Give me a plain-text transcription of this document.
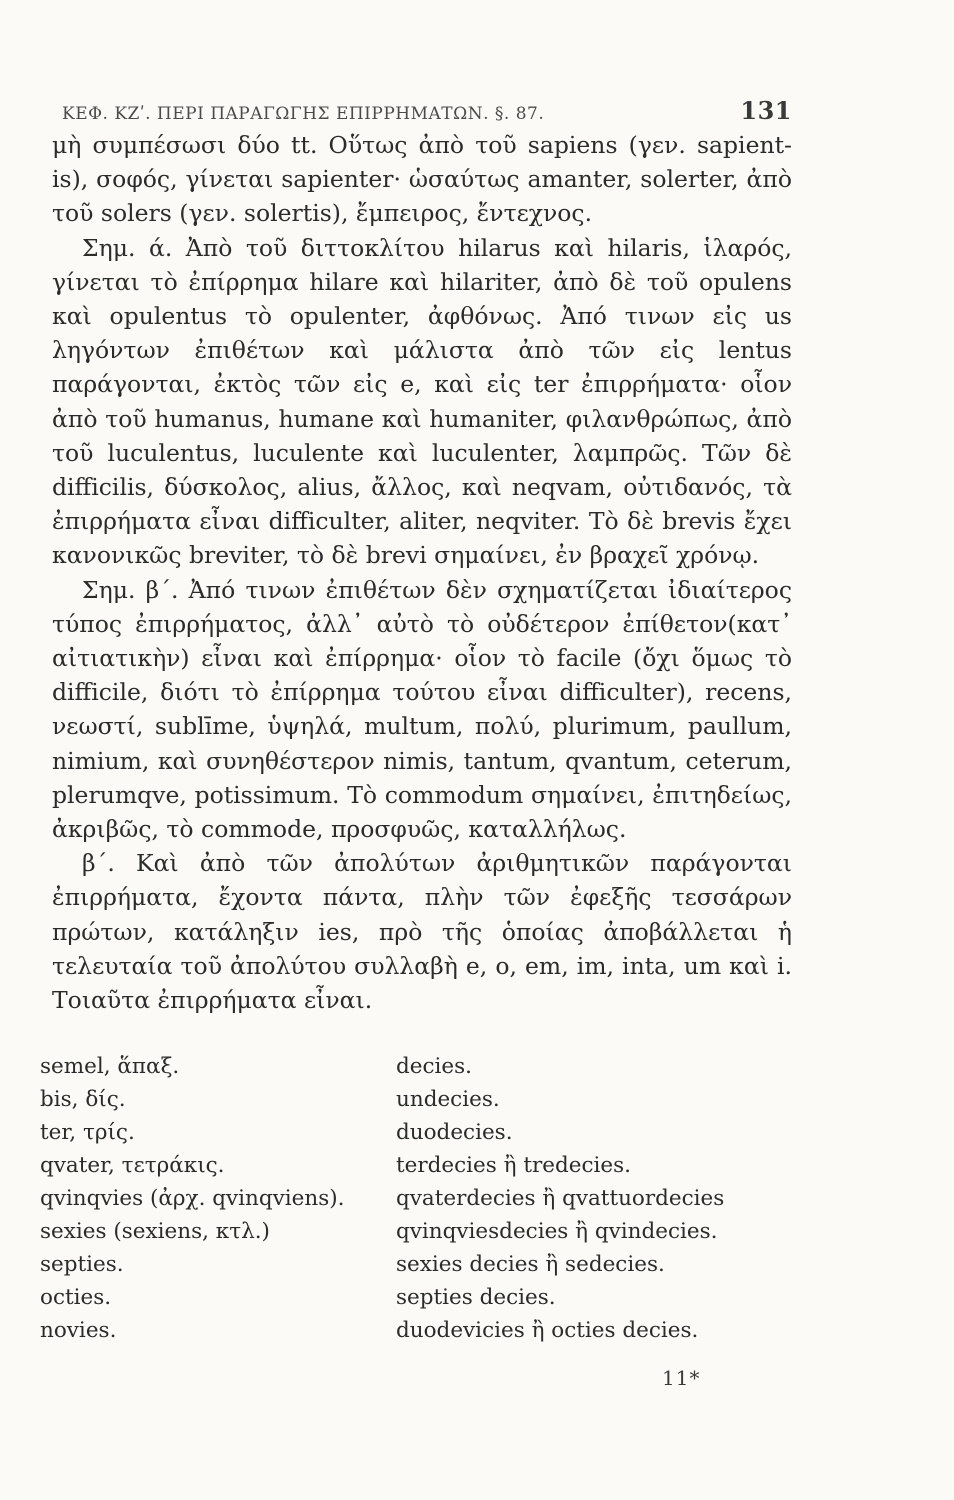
ΚΕΦ. ΚΖʹ. ΠΕΡΙ ΠΑΡΑΓΩΓΗΣ ΕΠΙΡΡΗΜΑΤΩΝ. §. 87.	131

μὴ συμπέσωσι δύο tt. Οὕτως ἀπὸ τοῦ sapiens (γεν. sapient-is), σοφός, γίνεται sapienter· ὡσαύτως amanter, solerter, ἀπὸ τοῦ solers (γεν. solertis), ἔμπειρος, ἔντεχνος.

Σημ. ά. Ἀπὸ τοῦ διττοκλίτου hilarus καὶ hilaris, ἱλαρός, γίνεται τὸ ἐπίρρημα hilare καὶ hilariter, ἀπὸ δὲ τοῦ opulens καὶ opulentus τὸ opulenter, ἀφθόνως. Ἀπό τινων εἰς us ληγόντων ἐπιθέτων καὶ μάλιστα ἀπὸ τῶν εἰς lentus παράγονται, ἐκτὸς τῶν εἰς e, καὶ εἰς ter ἐπιρρήματα· οἷον ἀπὸ τοῦ humanus, humane καὶ humaniter, φιλανθρώπως, ἀπὸ τοῦ luculentus, luculente καὶ luculenter, λαμπρῶς. Τῶν δὲ difficilis, δύσκολος, alius, ἄλλος, καὶ neqvam, οὐτιδανός, τὰ ἐπιρρήματα εἶναι difficulter, aliter, neqviter. Τὸ δὲ brevis ἔχει κανονικῶς breviter, τὸ δὲ brevi σημαίνει, ἐν βραχεῖ χρόνῳ.

Σημ. β΄. Ἀπό τινων ἐπιθέτων δὲν σχηματίζεται ἰδιαίτερος τύπος ἐπιρρήματος, ἀλλ᾽ αὐτὸ τὸ οὐδέτερον ἐπίθετον(κατ᾽ αἰτιατικὴν) εἶναι καὶ ἐπίρρημα· οἷον τὸ facile (ὄχι ὅμως τὸ difficile, διότι τὸ ἐπίρρημα τούτου εἶναι difficulter), recens, νεωστί, sublīme, ὑψηλά, multum, πολύ, plurimum, paullum, nimium, καὶ συνηθέστερον nimis, tantum, qvantum, ceterum, plerumqve, potissimum. Τὸ commodum σημαίνει, ἐπιτηδείως, ἀκριβῶς, τὸ commode, προσφυῶς, καταλλήλως.

β΄. Καὶ ἀπὸ τῶν ἀπολύτων ἀριθμητικῶν παράγονται ἐπιρρήματα, ἔχοντα πάντα, πλὴν τῶν ἐφεξῆς τεσσάρων πρώτων, κατάληξιν ies, πρὸ τῆς ὁποίας ἀποβάλλεται ἡ τελευταία τοῦ ἀπολύτου συλλαβὴ e, o, em, im, inta, um καὶ i. Τοιαῦτα ἐπιρρήματα εἶναι.

semel, ἅπαξ.	decies.
bis, δίς.	undecies.
ter, τρίς.	duodecies.
qvater, τετράκις.	terdecies ἢ tredecies.
qvinqvies (ἀρχ. qvinqviens).	qvaterdecies ἢ qvattuordecies
sexies (sexiens, κτλ.)	qvinqviesdecies ἢ qvindecies.
septies.	sexies decies ἢ sedecies.
octies.	septies decies.
novies.	duodevicies ἢ octies decies.
11*
